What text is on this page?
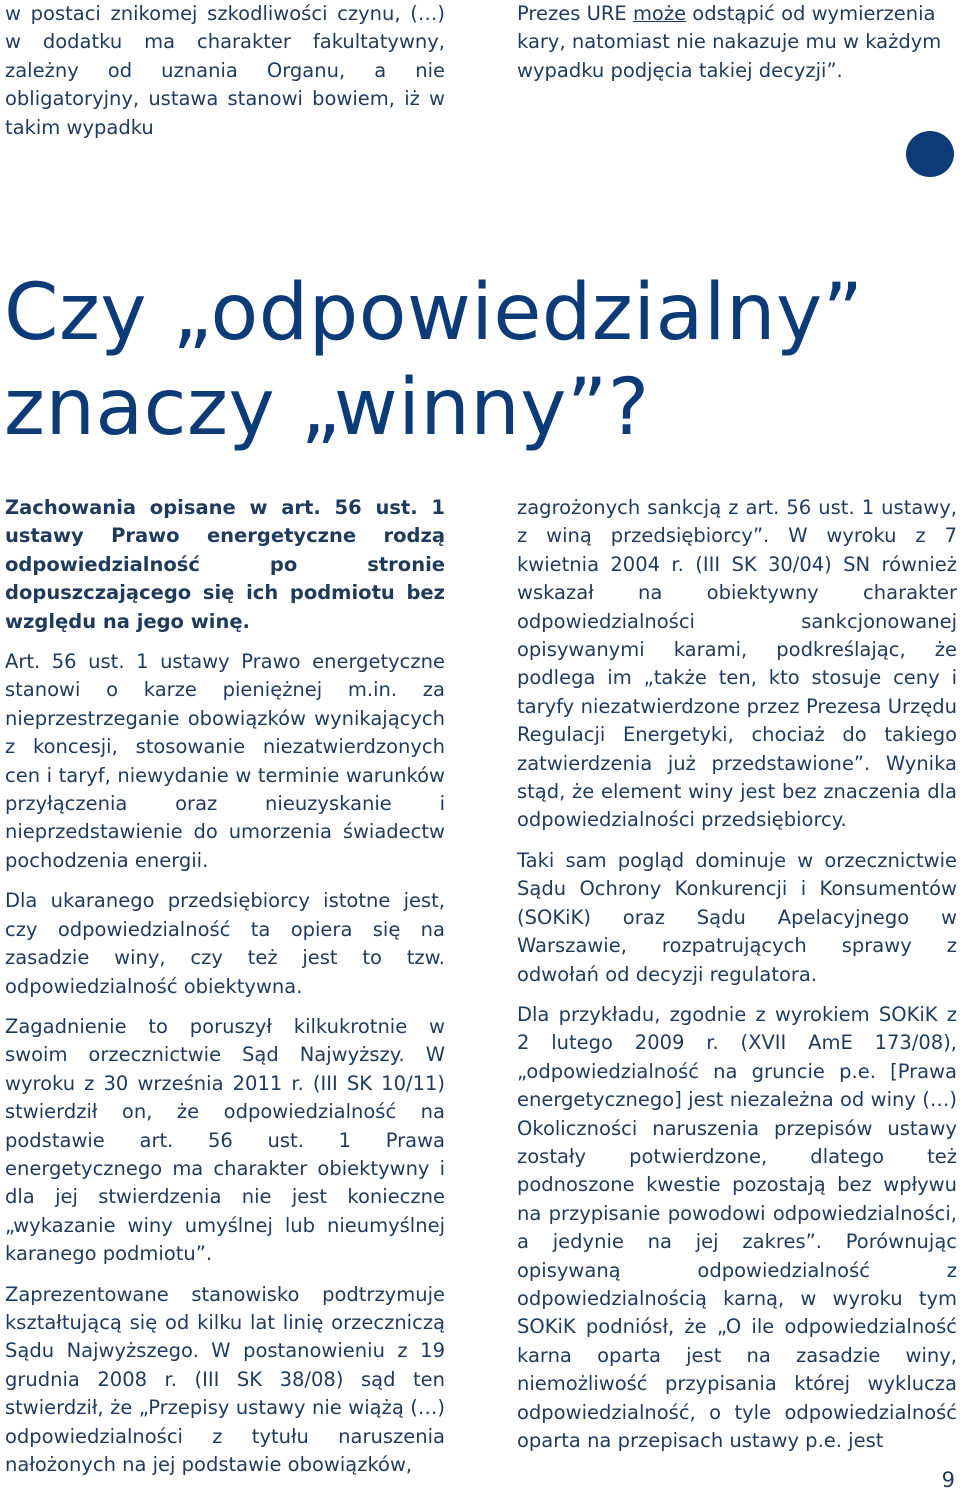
w postaci znikomej szkodliwości czynu, (…) w dodatku ma charakter fakultatywny, zależny od uznania Organu, a nie obligatoryjny, ustawa stanowi bowiem, iż w takim wypadku

Prezes URE może odstąpić od wymierzenia kary, natomiast nie nakazuje mu w każdym wypadku podjęcia takiej decyzji”.

Czy „odpowiedzialny”
znaczy „winny”?

Zachowania opisane w art. 56 ust. 1 ustawy Prawo energetyczne rodzą odpowiedzialność po stronie dopuszczającego się ich podmiotu bez względu na jego winę.

Art. 56 ust. 1 ustawy Prawo energetyczne stanowi o karze pieniężnej m.in. za nieprzestrzeganie obowiązków wynikających z koncesji, stosowanie niezatwierdzonych cen i taryf, niewydanie w terminie warunków przyłączenia oraz nieuzyskanie i nieprzedstawienie do umorzenia świadectw pochodzenia energii.

Dla ukaranego przedsiębiorcy istotne jest, czy odpowiedzialność ta opiera się na zasadzie winy, czy też jest to tzw. odpowiedzialność obiektywna.

Zagadnienie to poruszył kilkukrotnie w swoim orzecznictwie Sąd Najwyższy. W wyroku z 30 września 2011 r. (III SK 10/11) stwierdził on, że odpowiedzialność na podstawie art. 56 ust. 1 Prawa energetycznego ma charakter obiektywny i dla jej stwierdzenia nie jest konieczne „wykazanie winy umyślnej lub nieumyślnej karanego podmiotu”.

Zaprezentowane stanowisko podtrzymuje kształtującą się od kilku lat linię orzeczniczą Sądu Najwyższego. W postanowieniu z 19 grudnia 2008 r. (III SK 38/08) sąd ten stwierdził, że „Przepisy ustawy nie wiążą (…) odpowiedzialności z tytułu naruszenia nałożonych na jej podstawie obowiązków,

zagrożonych sankcją z art. 56 ust. 1 ustawy, z winą przedsiębiorcy”. W wyroku z 7 kwietnia 2004 r. (III SK 30/04) SN również wskazał na obiektywny charakter odpowiedzialności sankcjonowanej opisywanymi karami, podkreślając, że podlega im „także ten, kto stosuje ceny i taryfy niezatwierdzone przez Prezesa Urzędu Regulacji Energetyki, chociaż do takiego zatwierdzenia już przedstawione”. Wynika stąd, że element winy jest bez znaczenia dla odpowiedzialności przedsiębiorcy.

Taki sam pogląd dominuje w orzecznictwie Sądu Ochrony Konkurencji i Konsumentów (SOKiK) oraz Sądu Apelacyjnego w Warszawie, rozpatrujących sprawy z odwołań od decyzji regulatora.

Dla przykładu, zgodnie z wyrokiem SOKiK z 2 lutego 2009 r. (XVII AmE 173/08), „odpowiedzialność na gruncie p.e. [Prawa energetycznego] jest niezależna od winy (…) Okoliczności naruszenia przepisów ustawy zostały potwierdzone, dlatego też podnoszone kwestie pozostają bez wpływu na przypisanie powodowi odpowiedzialności, a jedynie na jej zakres”. Porównując opisywaną odpowiedzialność z odpowiedzialnością karną, w wyroku tym SOKiK podniósł, że „O ile odpowiedzialność karna oparta jest na zasadzie winy, niemożliwość przypisania której wyklucza odpowiedzialność, o tyle odpowiedzialność oparta na przepisach ustawy p.e. jest

9
